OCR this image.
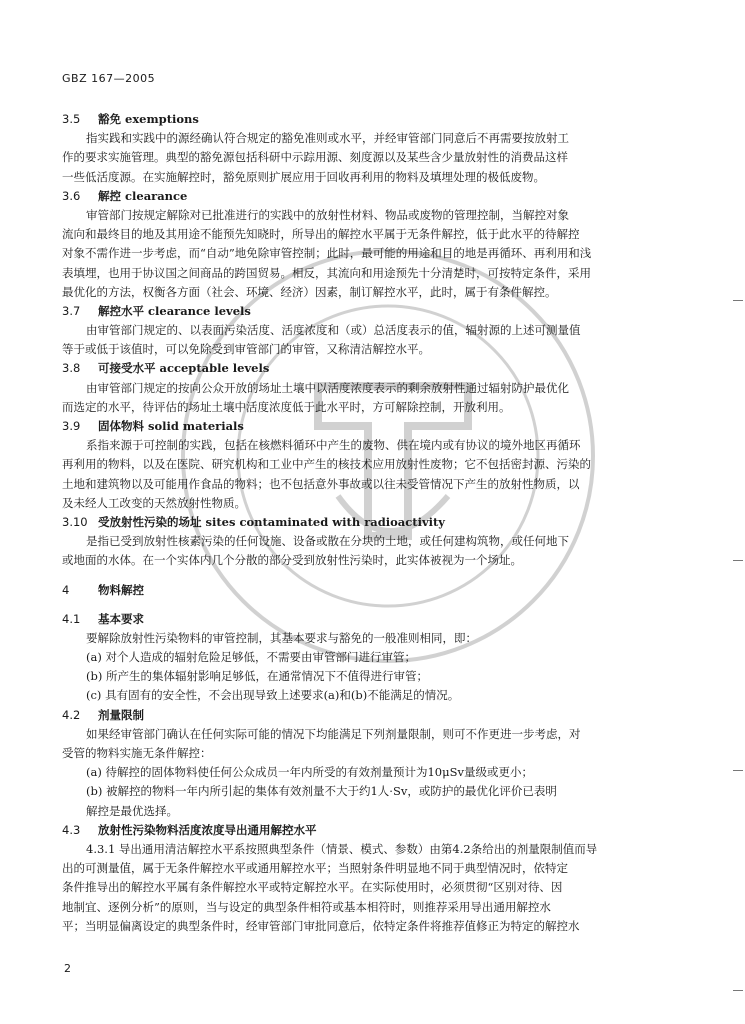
GBZ 167—2005
3.5 豁免 exemptions
指实践和实践中的源经确认符合规定的豁免准则或水平，并经审管部门同意后不再需要按放射工
作的要求实施管理。典型的豁免源包括科研中示踪用源、刻度源以及某些含少量放射性的消费品这样
一些低活度源。在实施解控时，豁免原则扩展应用于回收再利用的物料及填埋处理的极低废物。
3.6 解控 clearance
审管部门按规定解除对已批准进行的实践中的放射性材料、物品或废物的管理控制，当解控对象
流向和最终目的地及其用途不能预先知晓时，所导出的解控水平属于无条件解控，低于此水平的待解控
对象不需作进一步考虑，而“自动”地免除审管控制；此时，最可能的用途和目的地是再循环、再利用和浅
表填埋，也用于协议国之间商品的跨国贸易。相反，其流向和用途预先十分清楚时，可按特定条件，采用
最优化的方法，权衡各方面（社会、环境、经济）因素，制订解控水平，此时，属于有条件解控。
3.7 解控水平 clearance levels
由审管部门规定的、以表面污染活度、活度浓度和（或）总活度表示的值，辐射源的上述可测量值
等于或低于该值时，可以免除受到审管部门的审管，又称清洁解控水平。
3.8 可接受水平 acceptable levels
由审管部门规定的按向公众开放的场址土壤中以活度浓度表示的剩余放射性通过辐射防护最优化
而选定的水平，待评估的场址土壤中活度浓度低于此水平时，方可解除控制，开放利用。
3.9 固体物料 solid materials
系指来源于可控制的实践，包括在核燃料循环中产生的废物、供在境内或有协议的境外地区再循环
再利用的物料，以及在医院、研究机构和工业中产生的核技术应用放射性废物；它不包括密封源、污染的
土地和建筑物以及可能用作食品的物料；也不包括意外事故或以往未受管情况下产生的放射性物质，以
及未经人工改变的天然放射性物质。
3.10 受放射性污染的场址 sites contaminated with radioactivity
是指已受到放射性核素污染的任何设施、设备或散在分块的土地，或任何建构筑物，或任何地下
或地面的水体。在一个实体内几个分散的部分受到放射性污染时，此实体被视为一个场址。
4 物料解控
4.1 基本要求
要解除放射性污染物料的审管控制，其基本要求与豁免的一般准则相同，即：
(a) 对个人造成的辐射危险足够低，不需要由审管部门进行审管；
(b) 所产生的集体辐射影响足够低，在通常情况下不值得进行审管；
(c) 具有固有的安全性，不会出现导致上述要求(a)和(b)不能满足的情况。
4.2 剂量限制
如果经审管部门确认在任何实际可能的情况下均能满足下列剂量限制，则可不作更进一步考虑，对
受管的物料实施无条件解控：
(a) 待解控的固体物料使任何公众成员一年内所受的有效剂量预计为10μSv量级或更小；
(b) 被解控的物料一年内所引起的集体有效剂量不大于约1人·Sv，或防护的最优化评价已表明
解控是最优选择。
4.3 放射性污染物料活度浓度导出通用解控水平
4.3.1 导出通用清洁解控水平系按照典型条件（情景、模式、参数）由第4.2条给出的剂量限制值而导
出的可测量值，属于无条件解控水平或通用解控水平；当照射条件明显地不同于典型情况时，依特定
条件推导出的解控水平属有条件解控水平或特定解控水平。在实际使用时，必须贯彻“区别对待、因
地制宜、逐例分析”的原则，当与设定的典型条件相符或基本相符时，则推荐采用导出通用解控水
平；当明显偏离设定的典型条件时，经审管部门审批同意后，依特定条件将推荐值修正为特定的解控水
2
